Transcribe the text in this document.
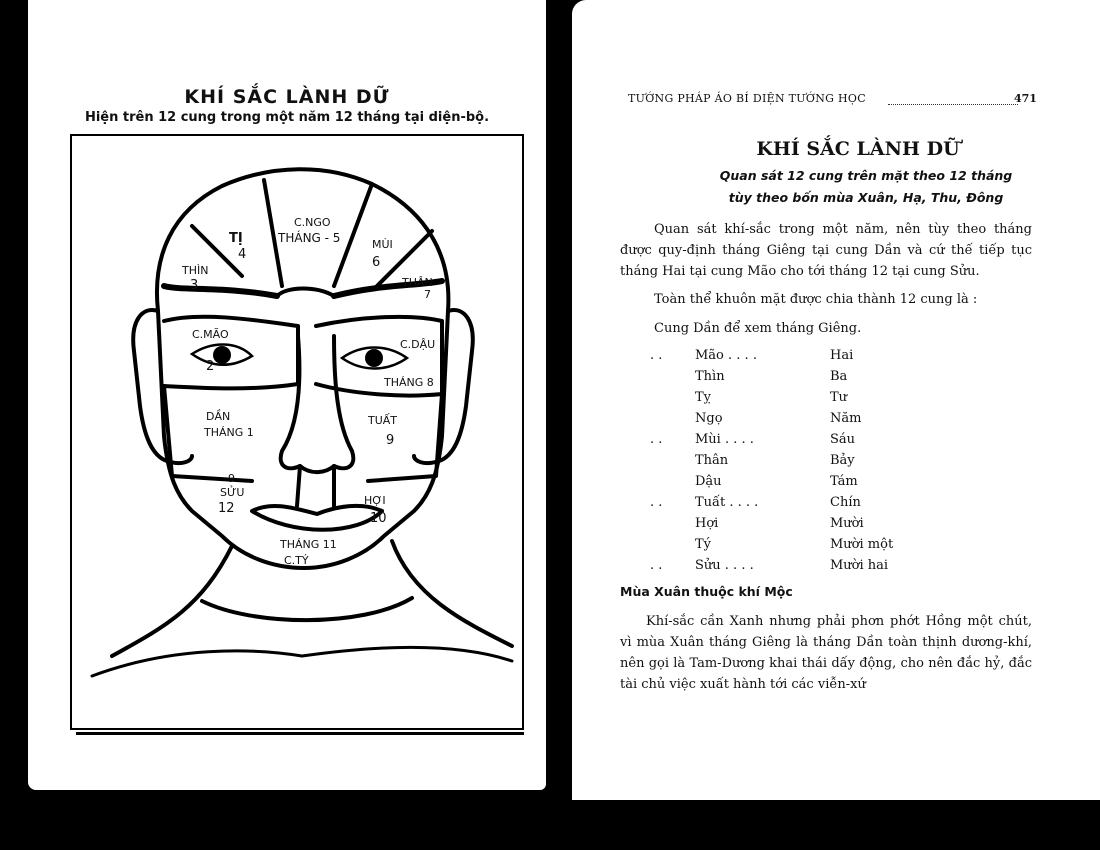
KHÍ SẮC LÀNH DỮ
Hiện trên 12 cung trong một năm 12 tháng tại diện-bộ.
C.NGO
THÁNG - 5
TỊ
4
MÙI
6
THÌN
3	THÂN
7
C.MÃO
2
C.DẬU
THÁNG 8
DẦN
THÁNG 1
TUẤT
9
9
SỬU
12
HỢI
10
THÁNG 11
C.TÝ
TƯỚNG PHÁP ÁO BÍ DIỆN TƯỚNG HỌC	471
KHÍ SẮC LÀNH DỮ
Quan sát 12 cung trên mặt theo 12 tháng
tùy theo bốn mùa Xuân, Hạ, Thu, Đông
Quan sát khí-sắc trong một năm, nên tùy theo tháng được quy-định tháng Giêng tại cung Dần và cứ thế tiếp tục tháng Hai tại cung Mão cho tới tháng 12 tại cung Sửu.
Toàn thể khuôn mặt được chia thành 12 cung là :
Cung Dần để xem tháng Giêng.
. .	Mão . . . .	Hai
Thìn	Ba
Tỵ	Tư
Ngọ	Năm
. .	Mùi . . . .	Sáu
Thân	Bảy
Dậu	Tám
. .	Tuất . . . .	Chín
Hợi	Mười
Tý	Mười một
. .	Sửu . . . .	Mười hai
Mùa Xuân thuộc khí Mộc
Khí-sắc cần Xanh nhưng phải phơn phớt Hồng một chút, vì mùa Xuân tháng Giêng là tháng Dần toàn thịnh dương-khí, nên gọi là Tam-Dương khai thái dấy động, cho nên đắc hỷ, đắc tài chủ việc xuất hành tới các viễn-xứ
